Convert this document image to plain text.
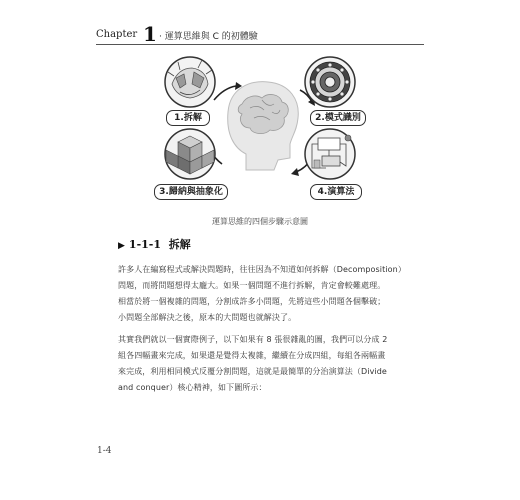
Chapter 1 · 運算思維與 C 的初體驗
1.拆解	2.模式識別
3.歸納與抽象化	4.演算法
運算思維的四個步驟示意圖
▶ 1-1-1 拆解
許多人在編寫程式或解決問題時，往往因為不知道如何拆解（Decomposition）
問題，而將問題想得太龐大。如果一個問題不進行拆解，肯定會較難處理。
相當於將一個複雜的問題，分割成許多小問題，先將這些小問題各個擊破；
小問題全部解決之後，原本的大問題也就解決了。
其實我們就以一個實際例子，以下如果有 8 張很雜亂的圖，我們可以分成 2
組各四幅畫來完成，如果還是覺得太複雜，繼續在分成四組，每組各兩幅畫
來完成，利用相同模式反覆分割問題，這就是最簡單的分治演算法（Divide
and conquer）核心精神，如下圖所示：
1-4
